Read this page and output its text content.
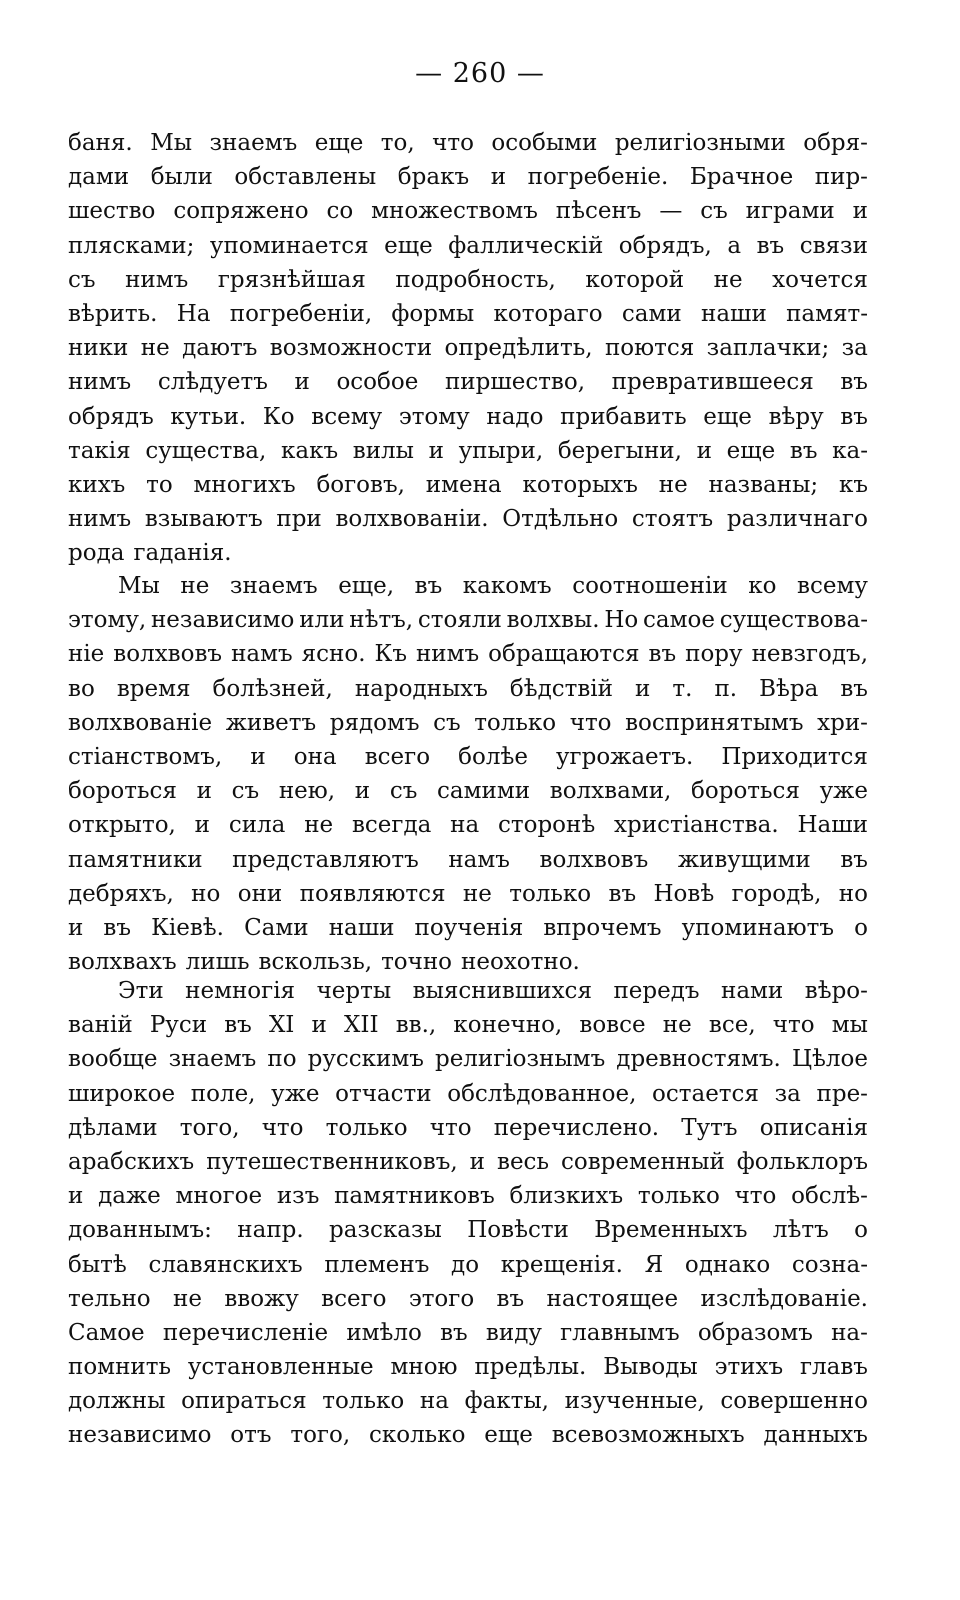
— 260 —
баня. Мы знаемъ еще то, что особыми религіозными обря-
дами были обставлены бракъ и погребеніе. Брачное пир-
шество сопряжено со множествомъ пѣсенъ — съ играми и
плясками; упоминается еще фаллическій обрядъ, а въ связи
съ нимъ грязнѣйшая подробность, которой не хочется
вѣрить. На погребеніи, формы котораго сами наши памят-
ники не даютъ возможности опредѣлить, поются заплачки; за
нимъ слѣдуетъ и особое пиршество, превратившееся въ
обрядъ кутьи. Ко всему этому надо прибавить еще вѣру въ
такія существа, какъ вилы и упыри, берегыни, и еще въ ка-
кихъ то многихъ боговъ, имена которыхъ не названы; къ
нимъ взываютъ при волхвованіи. Отдѣльно стоятъ различнаго
рода гаданія.
Мы не знаемъ еще, въ какомъ соотношеніи ко всему
этому, независимо или нѣтъ, стояли волхвы. Но самое существова-
ніе волхвовъ намъ ясно. Къ нимъ обращаются въ пору невзгодъ,
во время болѣзней, народныхъ бѣдствій и т. п. Вѣра въ
волхвованіе живетъ рядомъ съ только что воспринятымъ хри-
стіанствомъ, и она всего болѣе угрожаетъ. Приходится
бороться и съ нею, и съ самими волхвами, бороться уже
открыто, и сила не всегда на сторонѣ христіанства. Наши
памятники представляютъ намъ волхвовъ живущими въ
дебряхъ, но они появляются не только въ Новѣ городѣ, но
и въ Кіевѣ. Сами наши поученія впрочемъ упоминаютъ о
волхвахъ лишь вскользь, точно неохотно.
Эти немногія черты выяснившихся передъ нами вѣро-
ваній Руси въ XI и XII вв., конечно, вовсе не все, что мы
вообще знаемъ по русскимъ религіознымъ древностямъ. Цѣлое
широкое поле, уже отчасти обслѣдованное, остается за пре-
дѣлами того, что только что перечислено. Тутъ описанія
арабскихъ путешественниковъ, и весь современный фольклоръ
и даже многое изъ памятниковъ близкихъ только что обслѣ-
дованнымъ: напр. разсказы Повѣсти Временныхъ лѣтъ о
бытѣ славянскихъ племенъ до крещенія. Я однако созна-
тельно не ввожу всего этого въ настоящее изслѣдованіе.
Самое перечисленіе имѣло въ виду главнымъ образомъ на-
помнить установленные мною предѣлы. Выводы этихъ главъ
должны опираться только на факты, изученные, совершенно
независимо отъ того, сколько еще всевозможныхъ данныхъ
